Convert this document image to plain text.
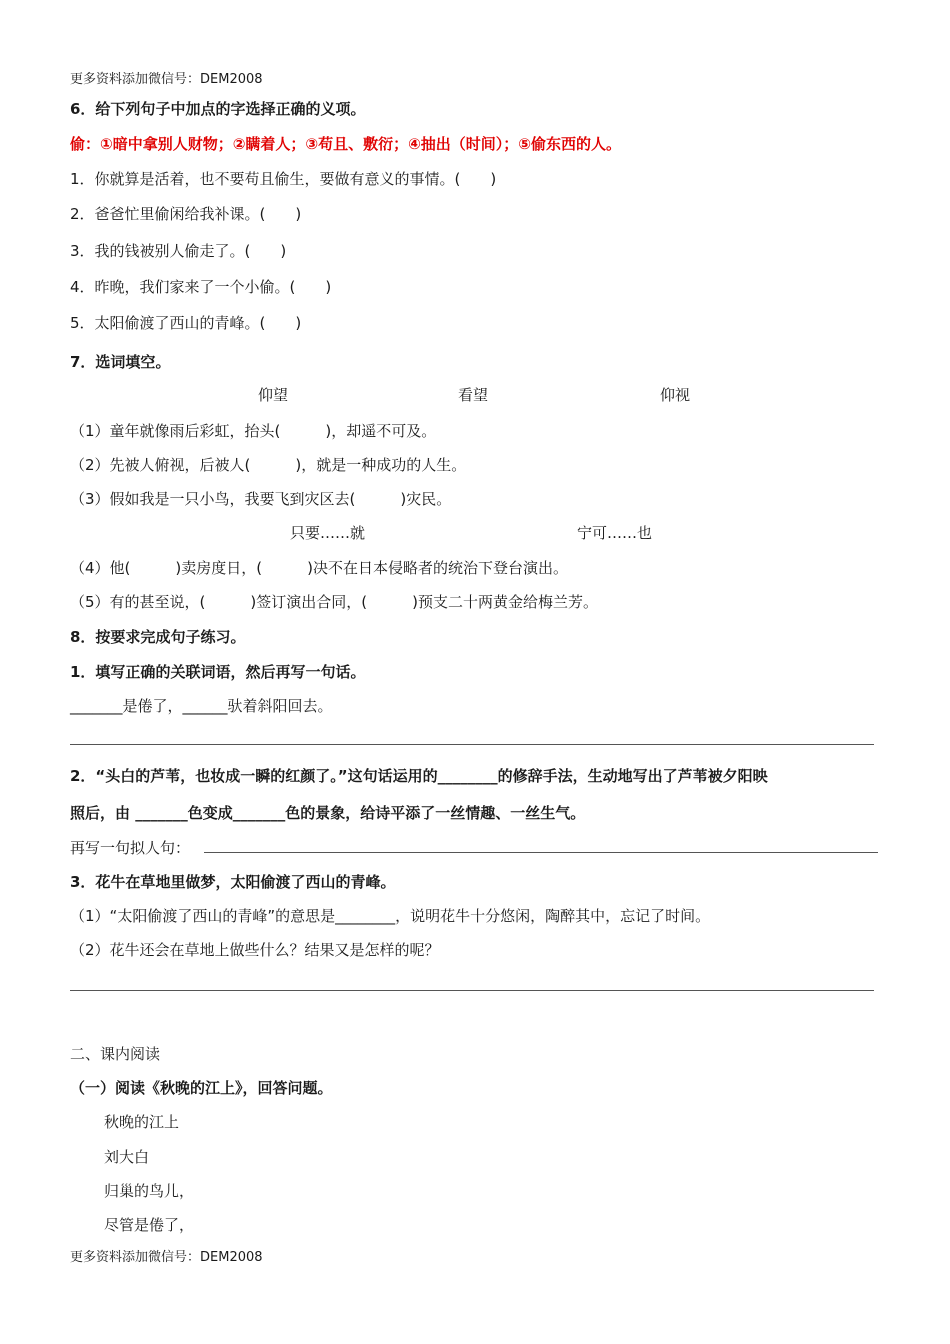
更多资料添加微信号：DEM2008
6．给下列句子中加点的字选择正确的义项。
偷：①暗中拿别人财物；②瞒着人；③苟且、敷衍；④抽出（时间）；⑤偷东西的人。
1．你就算是活着，也不要苟且偷生，要做有意义的事情。(　　)
2．爸爸忙里偷闲给我补课。(　　)
3．我的钱被别人偷走了。(　　)
4．昨晚，我们家来了一个小偷。(　　)
5．太阳偷渡了西山的青峰。(　　)
7．选词填空。
仰望	看望	仰视
（1）童年就像雨后彩虹，抬头(　　　)，却遥不可及。
（2）先被人俯视，后被人(　　　)，就是一种成功的人生。
（3）假如我是一只小鸟，我要飞到灾区去(　　　)灾民。
只要……就	宁可……也
（4）他(　　　)卖房度日，(　　　)决不在日本侵略者的统治下登台演出。
（5）有的甚至说，(　　　)签订演出合同，(　　　)预支二十两黄金给梅兰芳。
8．按要求完成句子练习。
1．填写正确的关联词语，然后再写一句话。
_______是倦了，______驮着斜阳回去。
2．“头白的芦苇，也妆成一瞬的红颜了。”这句话运用的________的修辞手法，生动地写出了芦苇被夕阳映
照后，由 _______色变成_______色的景象，给诗平添了一丝情趣、一丝生气。
再写一句拟人句：
3．花牛在草地里做梦，太阳偷渡了西山的青峰。
（1）“太阳偷渡了西山的青峰”的意思是________，说明花牛十分悠闲，陶醉其中，忘记了时间。
（2）花牛还会在草地上做些什么？结果又是怎样的呢？
二、课内阅读
（一）阅读《秋晚的江上》，回答问题。
秋晚的江上
刘大白
归巢的鸟儿，
尽管是倦了，
更多资料添加微信号：DEM2008
